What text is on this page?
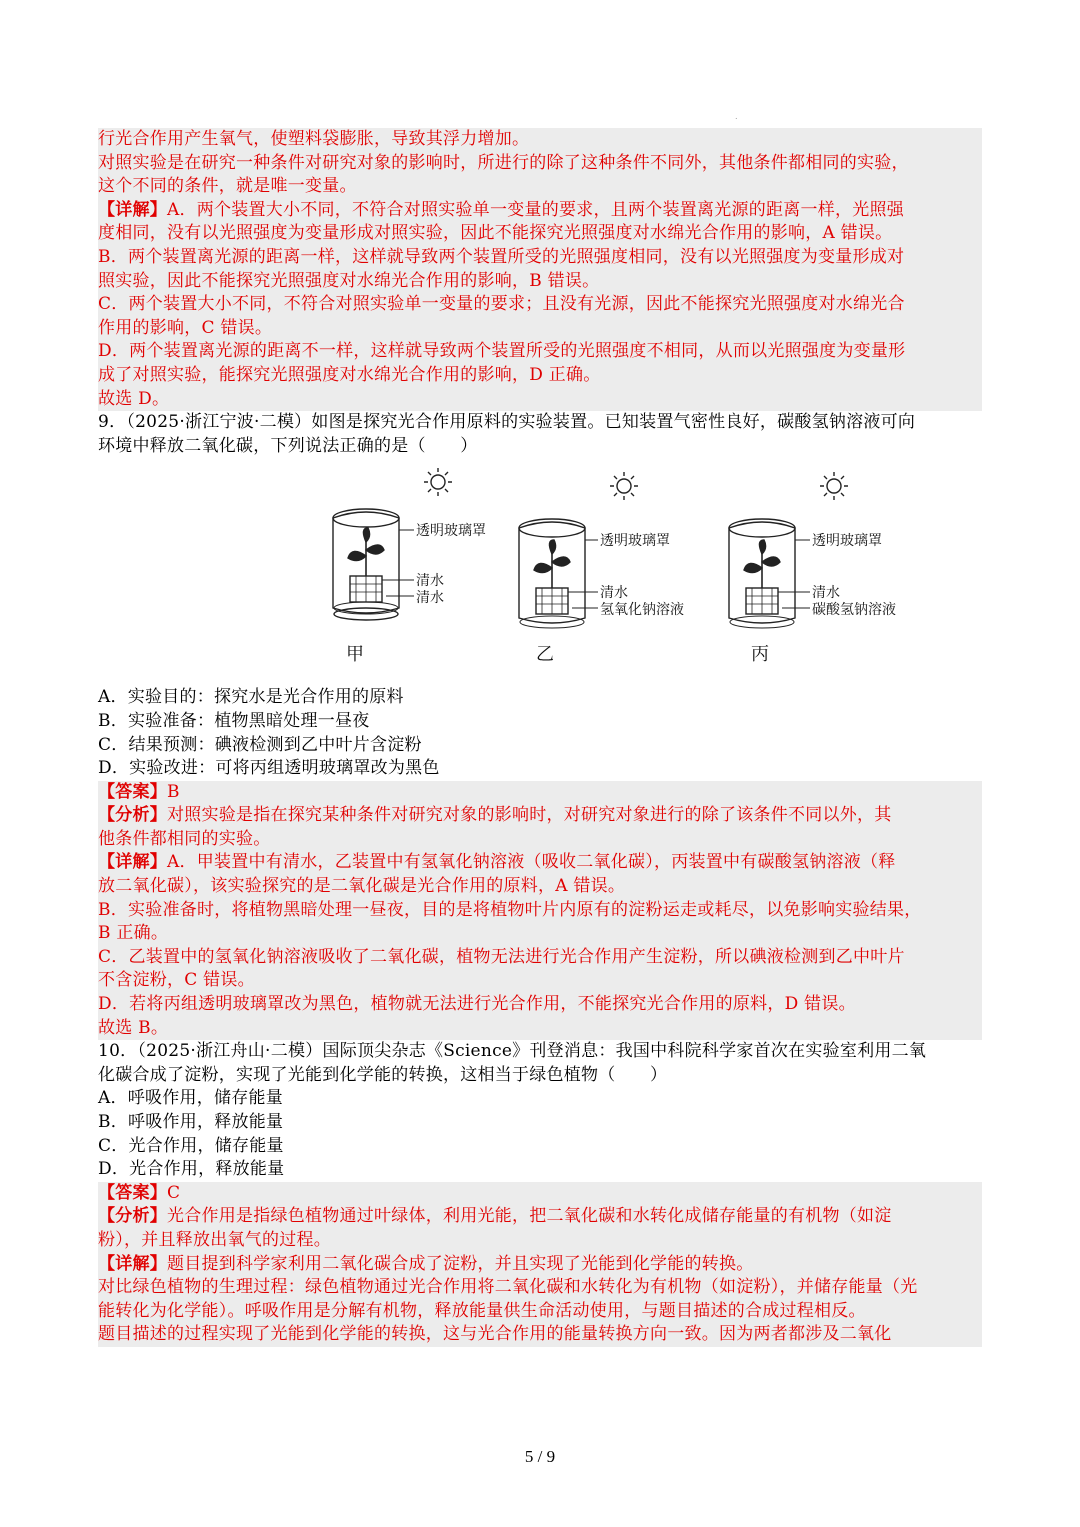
.
行光合作用产生氧气，使塑料袋膨胀，导致其浮力增加。
对照实验是在研究一种条件对研究对象的影响时，所进行的除了这种条件不同外，其他条件都相同的实验，
这个不同的条件，就是唯一变量。
【详解】A．两个装置大小不同，不符合对照实验单一变量的要求，且两个装置离光源的距离一样，光照强
度相同，没有以光照强度为变量形成对照实验，因此不能探究光照强度对水绵光合作用的影响，A 错误。
B．两个装置离光源的距离一样，这样就导致两个装置所受的光照强度相同，没有以光照强度为变量形成对
照实验，因此不能探究光照强度对水绵光合作用的影响，B 错误。
C．两个装置大小不同，不符合对照实验单一变量的要求；且没有光源，因此不能探究光照强度对水绵光合
作用的影响，C 错误。
D．两个装置离光源的距离不一样，这样就导致两个装置所受的光照强度不相同，从而以光照强度为变量形
成了对照实验，能探究光照强度对水绵光合作用的影响，D 正确。
故选 D。
9．（2025·浙江宁波·二模）如图是探究光合作用原料的实验装置。已知装置气密性良好，碳酸氢钠溶液可向
环境中释放二氧化碳，下列说法正确的是（　　）
透明玻璃罩
清水
清水
透明玻璃罩
清水
氢氧化钠溶液
透明玻璃罩
清水
碳酸氢钠溶液
甲	乙	丙
A．实验目的：探究水是光合作用的原料
B．实验准备：植物黑暗处理一昼夜
C．结果预测：碘液检测到乙中叶片含淀粉
D．实验改进：可将丙组透明玻璃罩改为黑色
【答案】B
【分析】对照实验是指在探究某种条件对研究对象的影响时，对研究对象进行的除了该条件不同以外，其
他条件都相同的实验。
【详解】A．甲装置中有清水，乙装置中有氢氧化钠溶液（吸收二氧化碳），丙装置中有碳酸氢钠溶液（释
放二氧化碳），该实验探究的是二氧化碳是光合作用的原料，A 错误。
B．实验准备时，将植物黑暗处理一昼夜，目的是将植物叶片内原有的淀粉运走或耗尽，以免影响实验结果，
B 正确。
C．乙装置中的氢氧化钠溶液吸收了二氧化碳，植物无法进行光合作用产生淀粉，所以碘液检测到乙中叶片
不含淀粉，C 错误。
D．若将丙组透明玻璃罩改为黑色，植物就无法进行光合作用，不能探究光合作用的原料，D 错误。
故选 B。
10．（2025·浙江舟山·二模）国际顶尖杂志《Science》刊登消息：我国中科院科学家首次在实验室利用二氧
化碳合成了淀粉，实现了光能到化学能的转换，这相当于绿色植物（　　）
A．呼吸作用，储存能量
B．呼吸作用，释放能量
C．光合作用，储存能量
D．光合作用，释放能量
【答案】C
【分析】光合作用是指绿色植物通过叶绿体，利用光能，把二氧化碳和水转化成储存能量的有机物（如淀
粉），并且释放出氧气的过程。
【详解】题目提到科学家利用二氧化碳合成了淀粉，并且实现了光能到化学能的转换。
对比绿色植物的生理过程：绿色植物通过光合作用将二氧化碳和水转化为有机物（如淀粉），并储存能量（光
能转化为化学能）。呼吸作用是分解有机物，释放能量供生命活动使用，与题目描述的合成过程相反。
题目描述的过程实现了光能到化学能的转换，这与光合作用的能量转换方向一致。因为两者都涉及二氧化
5 / 9
